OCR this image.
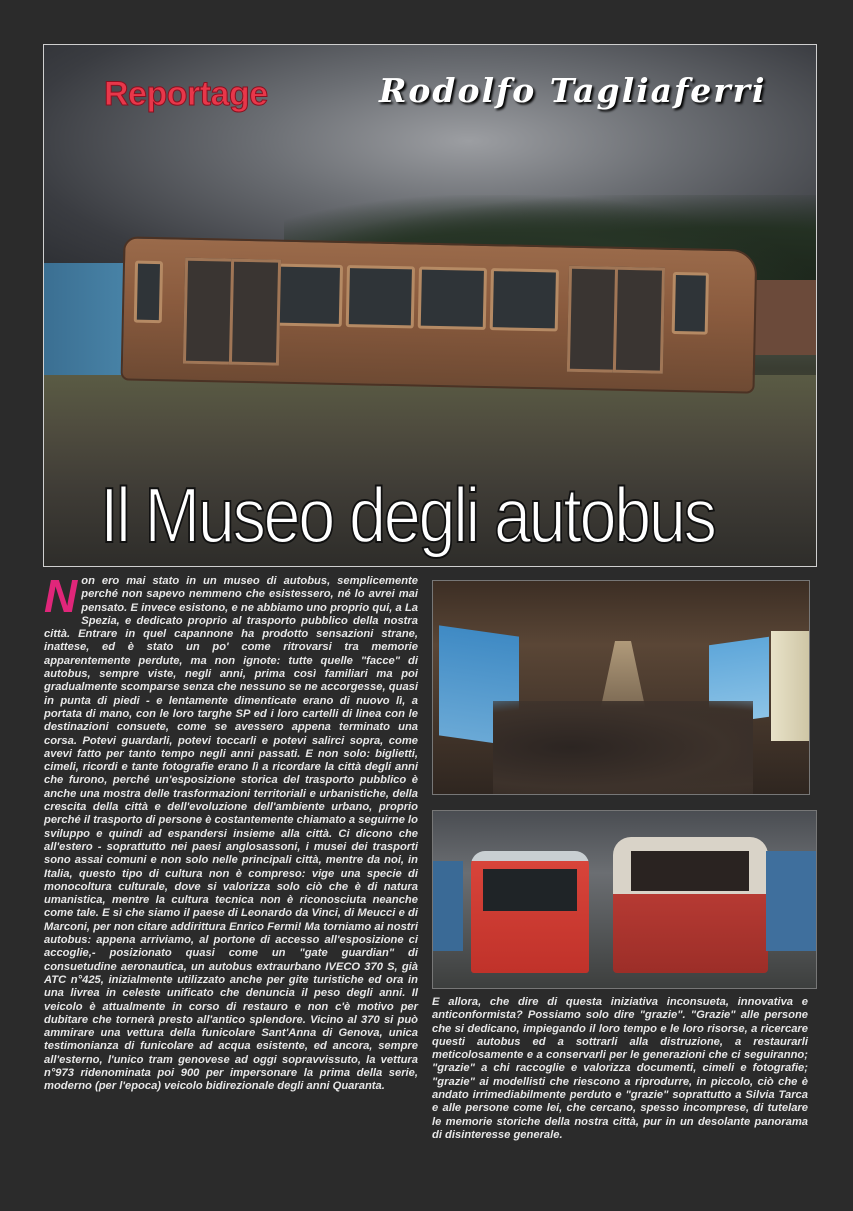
Reportage	Rodolfo Tagliaferri
Il Museo degli autobus
Non ero mai stato in un museo di autobus, semplicemente perché non sapevo nemmeno che esistessero, né lo avrei mai pensato. E invece esistono, e ne abbiamo uno proprio qui, a La Spezia, e dedicato proprio al trasporto pubblico della nostra città. Entrare in quel capannone ha prodotto sensazioni strane, inattese, ed è stato un po' come ritrovarsi tra memorie apparentemente perdute, ma non ignote: tutte quelle "facce" di autobus, sempre viste, negli anni, prima così familiari ma poi gradualmente scomparse senza che nessuno se ne accorgesse, quasi in punta di piedi - e lentamente dimenticate erano di nuovo lì, a portata di mano, con le loro targhe SP ed i loro cartelli di linea con le destinazioni consuete, come se avessero appena terminato una corsa. Potevi guardarli, potevi toccarli e potevi salirci sopra, come avevi fatto per tanto tempo negli anni passati. E non solo: biglietti, cimeli, ricordi e tante fotografie erano lì a ricordare la città degli anni che furono, perché un'esposizione storica del trasporto pubblico è anche una mostra delle trasformazioni territoriali e urbanistiche, della crescita della città e dell'evoluzione dell'ambiente urbano, proprio perché il trasporto di persone è costantemente chiamato a seguirne lo sviluppo e quindi ad espandersi insieme alla città. Ci dicono che all'estero - soprattutto nei paesi anglosassoni, i musei dei trasporti sono assai comuni e non solo nelle principali città, mentre da noi, in Italia, questo tipo di cultura non è compreso: vige una specie di monocoltura culturale, dove si valorizza solo ciò che è di natura umanistica, mentre la cultura tecnica non è riconosciuta neanche come tale. E sì che siamo il paese di Leonardo da Vinci, di Meucci e di Marconi, per non citare addirittura Enrico Fermi! Ma torniamo ai nostri autobus: appena arriviamo, al portone di accesso all'esposizione ci accoglie,- posizionato quasi come un "gate guardian" di consuetudine aeronautica, un autobus extraurbano IVECO 370 S, già ATC n°425, inizialmente utilizzato anche per gite turistiche ed ora in una livrea in celeste unificato che denuncia il peso degli anni. Il veicolo è attualmente in corso di restauro e non c'è motivo per dubitare che tornerà presto all'antico splendore. Vicino al 370 si può ammirare una vettura della funicolare Sant'Anna di Genova, unica testimonianza di funicolare ad acqua esistente, ed ancora, sempre all'esterno, l'unico tram genovese ad oggi sopravvissuto, la vettura n°973 ridenominata poi 900 per impersonare la prima della serie, moderno (per l'epoca) veicolo bidirezionale degli anni Quaranta.
E allora, che dire di questa iniziativa inconsueta, innovativa e anticonformista? Possiamo solo dire "grazie". "Grazie" alle persone che si dedicano, impiegando il loro tempo e le loro risorse, a ricercare questi autobus ed a sottrarli alla distruzione, a restaurarli meticolosamente e a conservarli per le generazioni che ci seguiranno; "grazie" a chi raccoglie e valorizza documenti, cimeli e fotografie; "grazie" ai modellisti che riescono a riprodurre, in piccolo, ciò che è andato irrimediabilmente perduto e "grazie" soprattutto a Silvia Tarca e alle persone come lei, che cercano, spesso incomprese, di tutelare le memorie storiche della nostra città, pur in un desolante panorama di disinteresse generale.
